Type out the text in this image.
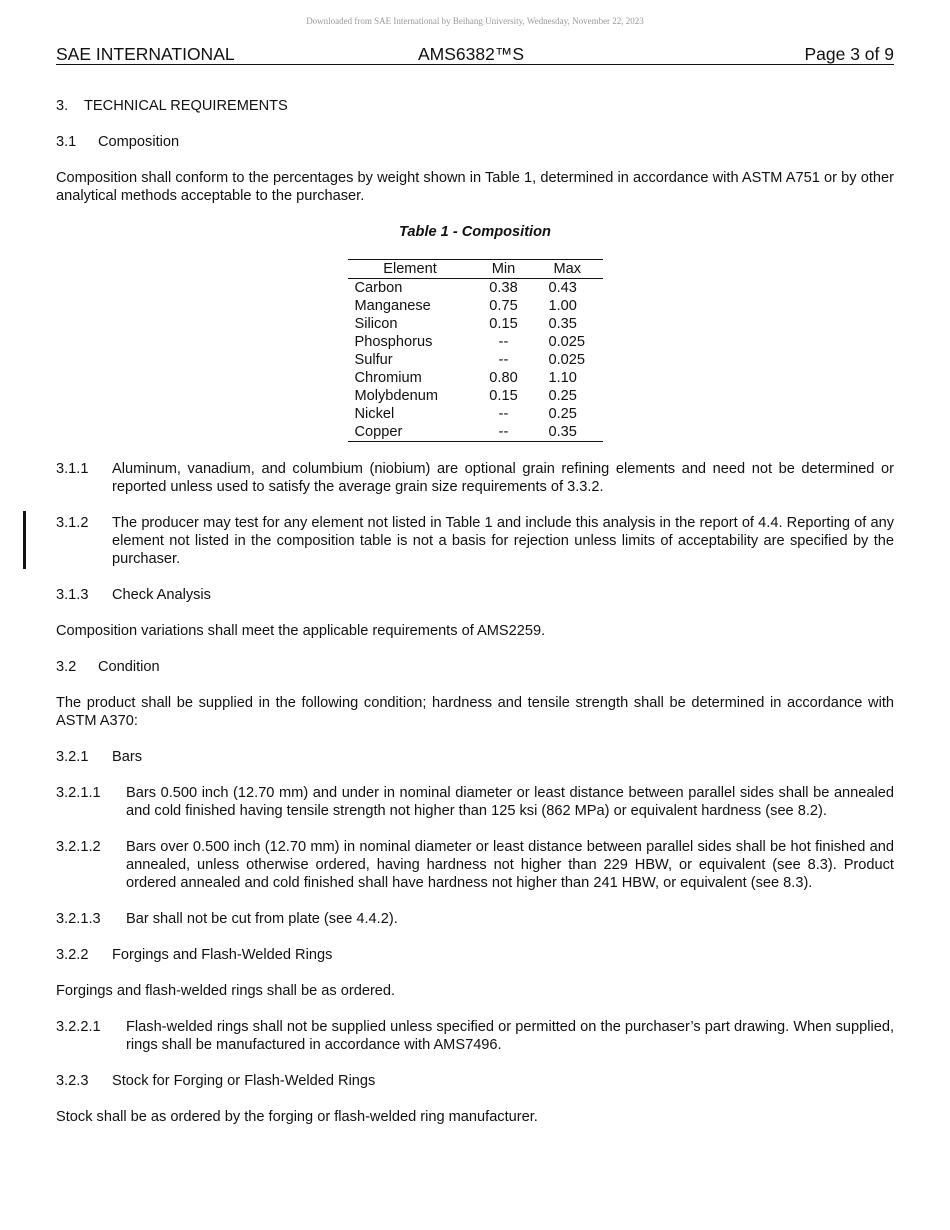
Downloaded from SAE International by Beihang University, Wednesday, November 22, 2023
SAE INTERNATIONAL	AMS6382™S	Page 3 of 9
3.	TECHNICAL REQUIREMENTS
3.1	Composition

Composition shall conform to the percentages by weight shown in Table 1, determined in accordance with ASTM A751 or by other analytical methods acceptable to the purchaser.

Table 1 - Composition
Element	Min	Max
Carbon	0.38	0.43
Manganese	0.75	1.00
Silicon	0.15	0.35
Phosphorus	--	0.025
Sulfur	--	0.025
Chromium	0.80	1.10
Molybdenum	0.15	0.25
Nickel	--	0.25
Copper	--	0.35
3.1.1	Aluminum, vanadium, and columbium (niobium) are optional grain refining elements and need not be determined or reported unless used to satisfy the average grain size requirements of 3.3.2.
3.1.2	The producer may test for any element not listed in Table 1 and include this analysis in the report of 4.4. Reporting of any element not listed in the composition table is not a basis for rejection unless limits of acceptability are specified by the purchaser.
3.1.3	Check Analysis

Composition variations shall meet the applicable requirements of AMS2259.

3.2	Condition

The product shall be supplied in the following condition; hardness and tensile strength shall be determined in accordance with ASTM A370:

3.2.1	Bars
3.2.1.1	Bars 0.500 inch (12.70 mm) and under in nominal diameter or least distance between parallel sides shall be annealed and cold finished having tensile strength not higher than 125 ksi (862 MPa) or equivalent hardness (see 8.2).
3.2.1.2	Bars over 0.500 inch (12.70 mm) in nominal diameter or least distance between parallel sides shall be hot finished and annealed, unless otherwise ordered, having hardness not higher than 229 HBW, or equivalent (see 8.3). Product ordered annealed and cold finished shall have hardness not higher than 241 HBW, or equivalent (see 8.3).
3.2.1.3	Bar shall not be cut from plate (see 4.4.2).
3.2.2	Forgings and Flash-Welded Rings

Forgings and flash-welded rings shall be as ordered.

3.2.2.1	Flash-welded rings shall not be supplied unless specified or permitted on the purchaser’s part drawing. When supplied, rings shall be manufactured in accordance with AMS7496.
3.2.3	Stock for Forging or Flash-Welded Rings

Stock shall be as ordered by the forging or flash-welded ring manufacturer.
